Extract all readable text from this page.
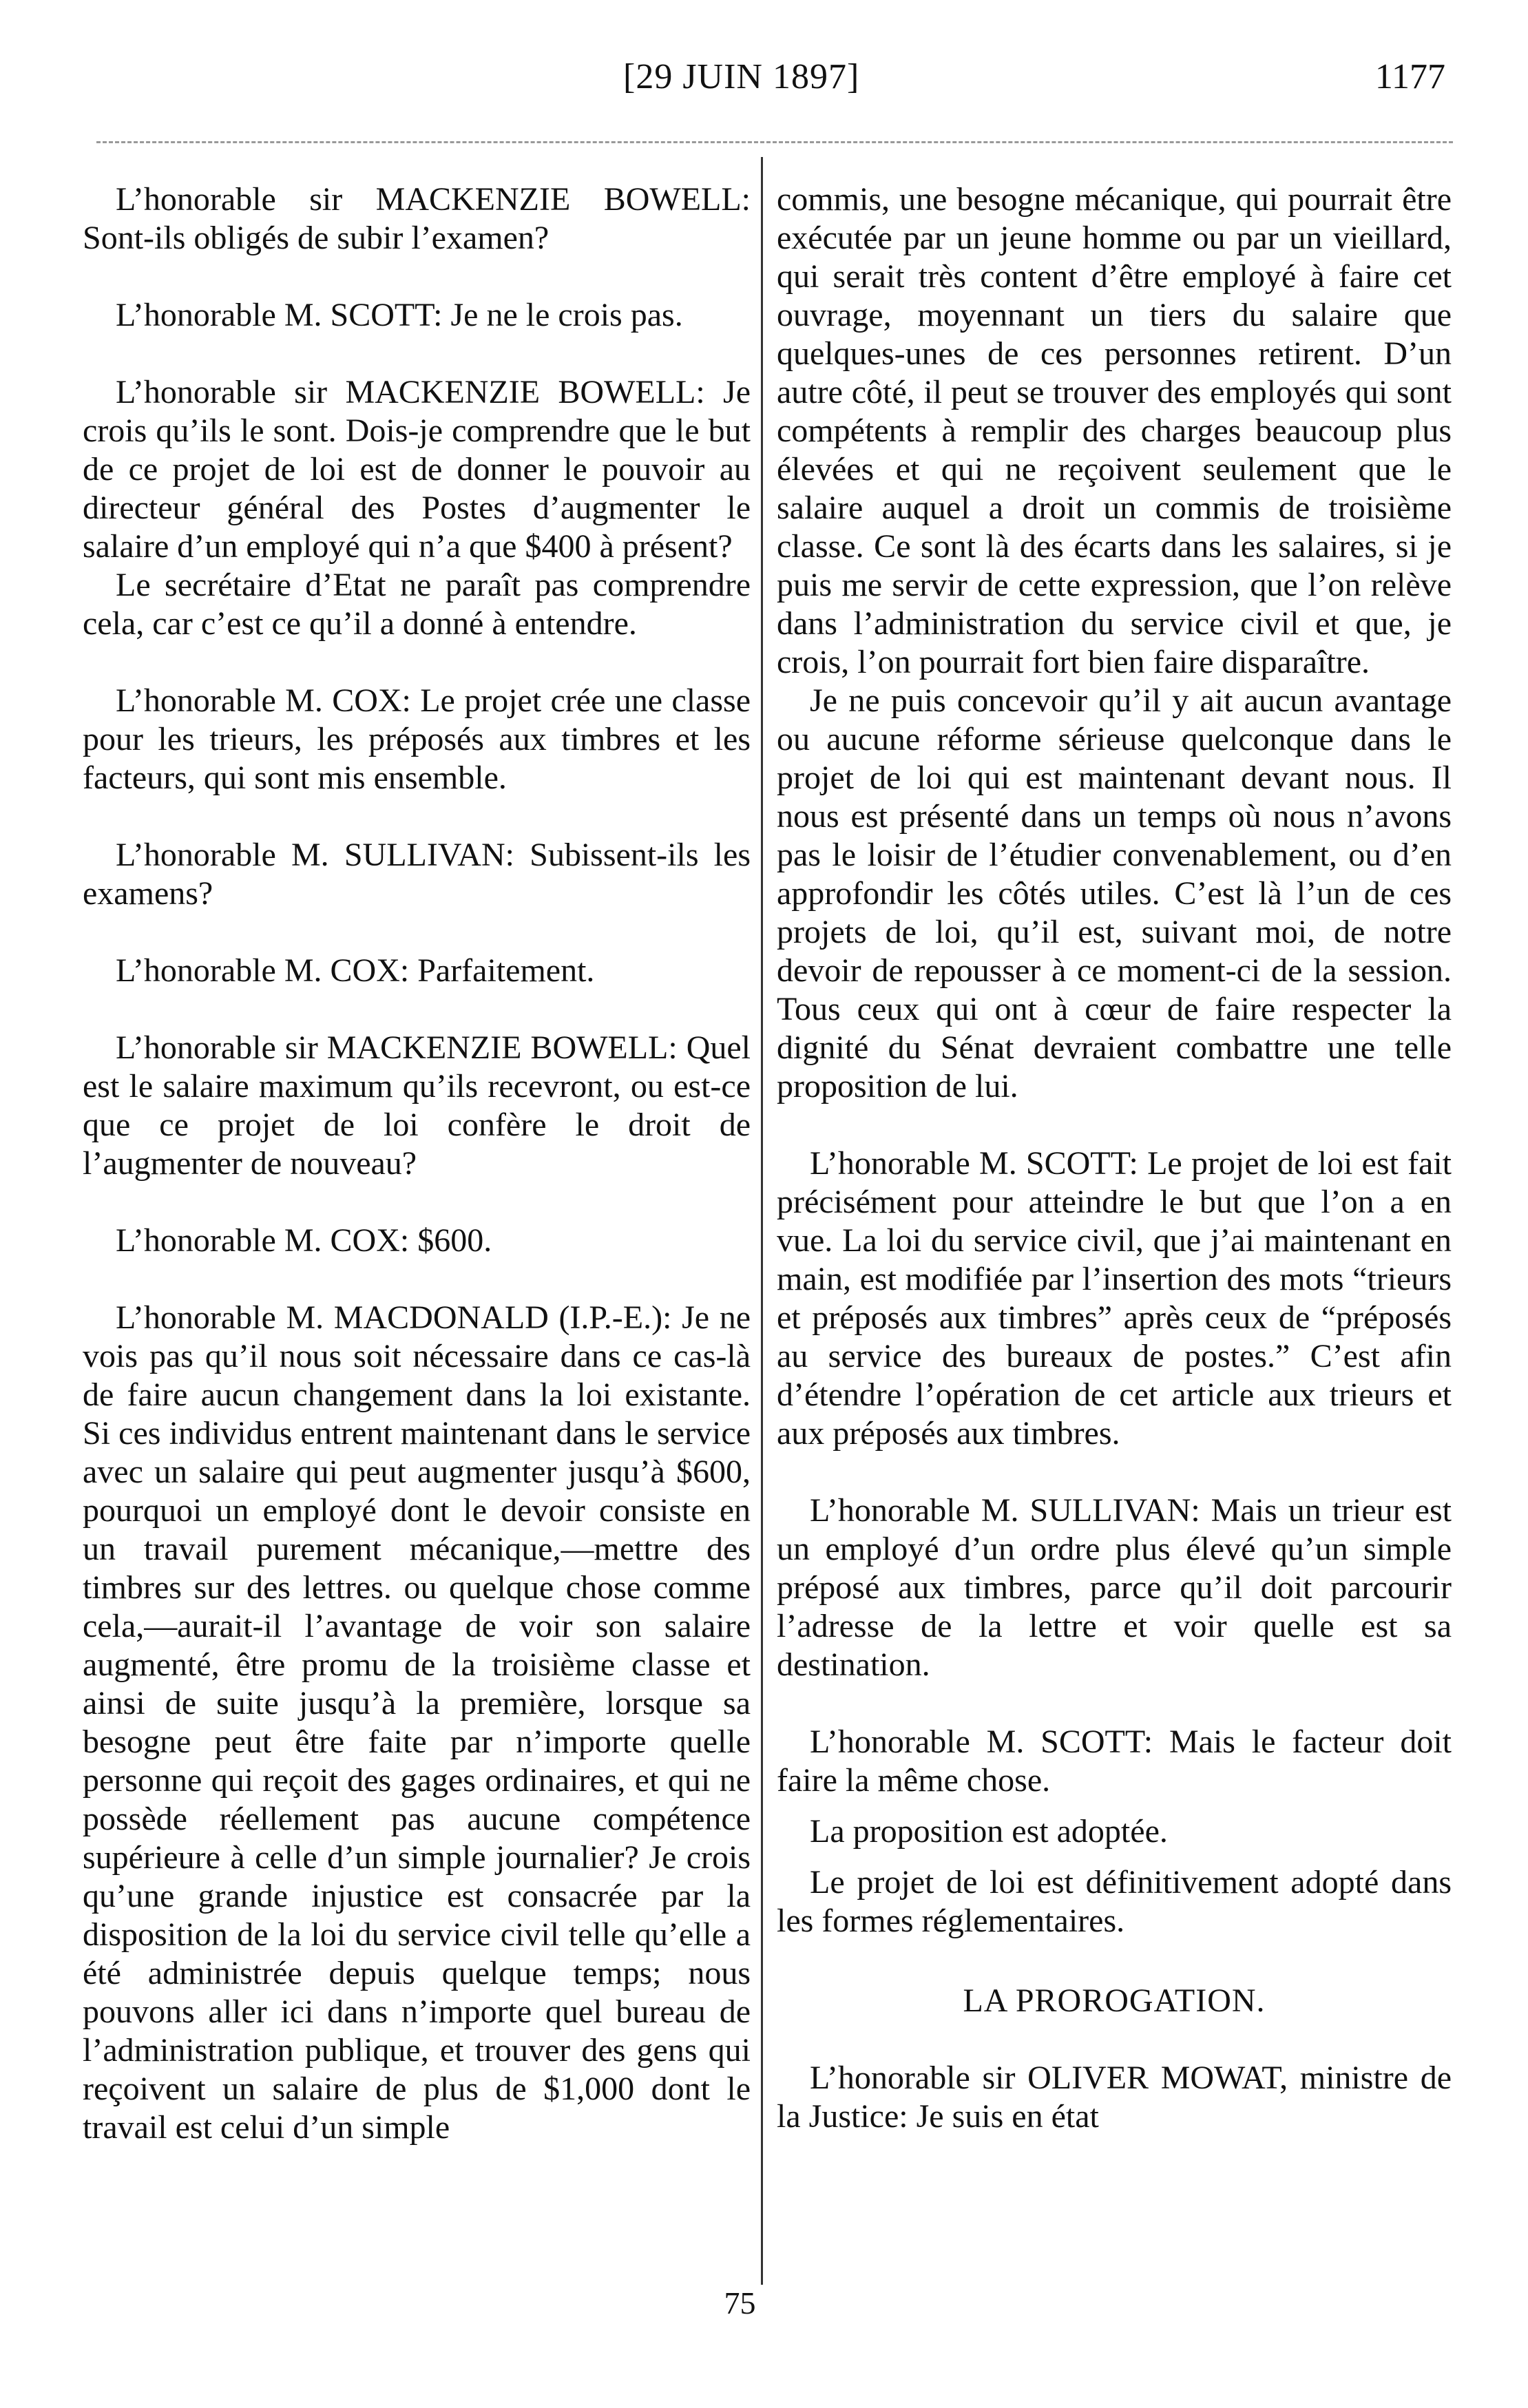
[29 JUIN 1897]	1177

L’honorable sir MACKENZIE BOWELL: Sont-ils obligés de subir l’examen?

L’honorable M. SCOTT: Je ne le crois pas.

L’honorable sir MACKENZIE BOWELL: Je crois qu’ils le sont. Dois-je comprendre que le but de ce projet de loi est de donner le pouvoir au directeur général des Postes d’augmenter le salaire d’un employé qui n’a que $400 à présent?

Le secrétaire d’Etat ne paraît pas comprendre cela, car c’est ce qu’il a donné à entendre.

L’honorable M. COX: Le projet crée une classe pour les trieurs, les préposés aux timbres et les facteurs, qui sont mis ensemble.

L’honorable M. SULLIVAN: Subissent-ils les examens?

L’honorable M. COX: Parfaitement.

L’honorable sir MACKENZIE BOWELL: Quel est le salaire maximum qu’ils recevront, ou est-ce que ce projet de loi confère le droit de l’augmenter de nouveau?

L’honorable M. COX: $600.

L’honorable M. MACDONALD (I.P.-E.): Je ne vois pas qu’il nous soit nécessaire dans ce cas-là de faire aucun changement dans la loi existante. Si ces individus entrent maintenant dans le service avec un salaire qui peut augmenter jusqu’à $600, pourquoi un employé dont le devoir consiste en un travail purement mécanique,—mettre des timbres sur des lettres. ou quelque chose comme cela,—aurait-il l’avantage de voir son salaire augmenté, être promu de la troisième classe et ainsi de suite jusqu’à la première, lorsque sa besogne peut être faite par n’importe quelle personne qui reçoit des gages ordinaires, et qui ne possède réellement pas aucune compétence supérieure à celle d’un simple journalier? Je crois qu’une grande injustice est consacrée par la disposition de la loi du service civil telle qu’elle a été administrée depuis quelque temps; nous pouvons aller ici dans n’importe quel bureau de l’administration publique, et trouver des gens qui reçoivent un salaire de plus de $1,000 dont le travail est celui d’un simple

commis, une besogne mécanique, qui pourrait être exécutée par un jeune homme ou par un vieillard, qui serait très content d’être employé à faire cet ouvrage, moyennant un tiers du salaire que quelques-unes de ces personnes retirent. D’un autre côté, il peut se trouver des employés qui sont compétents à remplir des charges beaucoup plus élevées et qui ne reçoivent seulement que le salaire auquel a droit un commis de troisième classe. Ce sont là des écarts dans les salaires, si je puis me servir de cette expression, que l’on relève dans l’administration du service civil et que, je crois, l’on pourrait fort bien faire disparaître.

Je ne puis concevoir qu’il y ait aucun avantage ou aucune réforme sérieuse quelconque dans le projet de loi qui est maintenant devant nous. Il nous est présenté dans un temps où nous n’avons pas le loisir de l’étudier convenablement, ou d’en approfondir les côtés utiles. C’est là l’un de ces projets de loi, qu’il est, suivant moi, de notre devoir de repousser à ce moment-ci de la session. Tous ceux qui ont à cœur de faire respecter la dignité du Sénat devraient combattre une telle proposition de lui.

L’honorable M. SCOTT: Le projet de loi est fait précisément pour atteindre le but que l’on a en vue. La loi du service civil, que j’ai maintenant en main, est modifiée par l’insertion des mots “trieurs et préposés aux timbres” après ceux de “préposés au service des bureaux de postes.” C’est afin d’étendre l’opération de cet article aux trieurs et aux préposés aux timbres.

L’honorable M. SULLIVAN: Mais un trieur est un employé d’un ordre plus élevé qu’un simple préposé aux timbres, parce qu’il doit parcourir l’adresse de la lettre et voir quelle est sa destination.

L’honorable M. SCOTT: Mais le facteur doit faire la même chose.

La proposition est adoptée.

Le projet de loi est définitivement adopté dans les formes réglementaires.

LA PROROGATION.

L’honorable sir OLIVER MOWAT, ministre de la Justice: Je suis en état

75
